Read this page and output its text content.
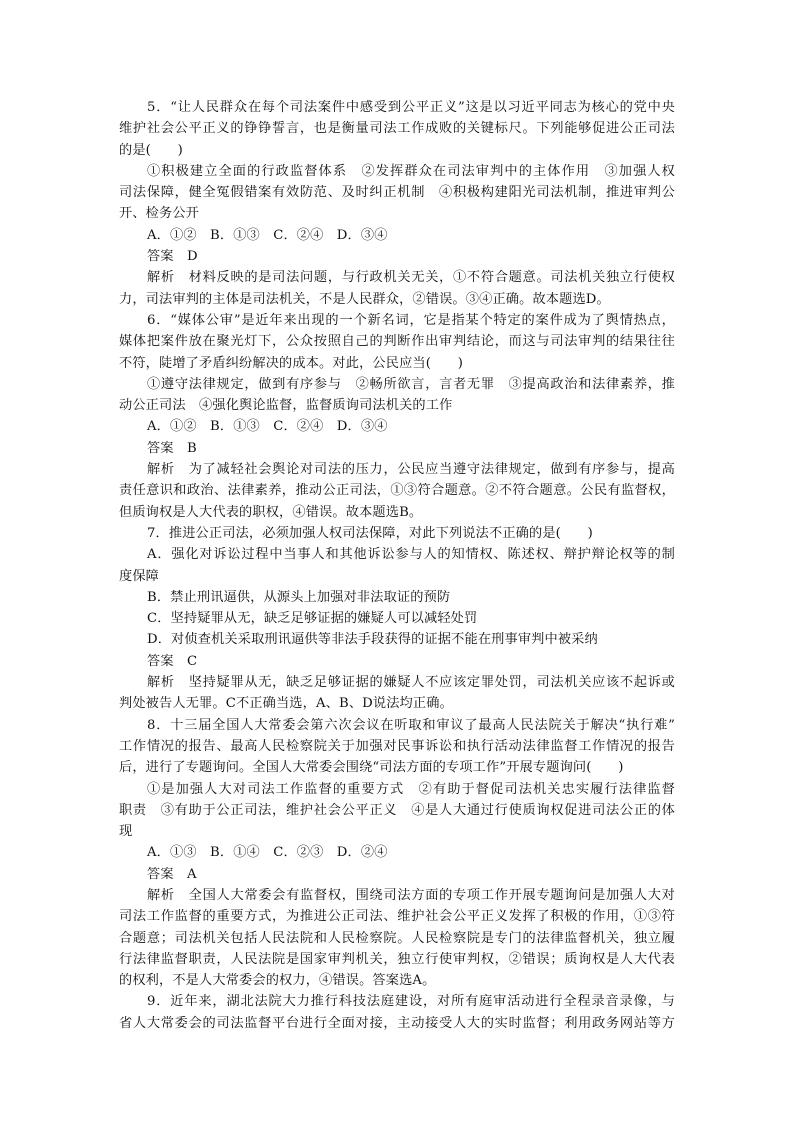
5．“让人民群众在每个司法案件中感受到公平正义”这是以习近平同志为核心的党中央
维护社会公平正义的铮铮誓言，也是衡量司法工作成败的关键标尺。下列能够促进公正司法
的是(　　)
①积极建立全面的行政监督体系　②发挥群众在司法审判中的主体作用　③加强人权
司法保障，健全冤假错案有效防范、及时纠正机制　④积极构建阳光司法机制，推进审判公
开、检务公开
A．①②　B．①③　C．②④　D．③④
答案　D
解析　材料反映的是司法问题，与行政机关无关，①不符合题意。司法机关独立行使权
力，司法审判的主体是司法机关，不是人民群众，②错误。③④正确。故本题选D。
6．“媒体公审”是近年来出现的一个新名词，它是指某个特定的案件成为了舆情热点，
媒体把案件放在聚光灯下，公众按照自己的判断作出审判结论，而这与司法审判的结果往往
不符，陡增了矛盾纠纷解决的成本。对此，公民应当(　　)
①遵守法律规定，做到有序参与　②畅所欲言，言者无罪　③提高政治和法律素养，推
动公正司法　④强化舆论监督，监督质询司法机关的工作
A．①②　B．①③　C．②④　D．③④
答案　B
解析　为了减轻社会舆论对司法的压力，公民应当遵守法律规定，做到有序参与，提高
责任意识和政治、法律素养，推动公正司法，①③符合题意。②不符合题意。公民有监督权，
但质询权是人大代表的职权，④错误。故本题选B。
7．推进公正司法，必须加强人权司法保障，对此下列说法不正确的是(　　)
A．强化对诉讼过程中当事人和其他诉讼参与人的知情权、陈述权、辩护辩论权等的制
度保障
B．禁止刑讯逼供，从源头上加强对非法取证的预防
C．坚持疑罪从无，缺乏足够证据的嫌疑人可以减轻处罚
D．对侦查机关采取刑讯逼供等非法手段获得的证据不能在刑事审判中被采纳
答案　C
解析　坚持疑罪从无，缺乏足够证据的嫌疑人不应该定罪处罚，司法机关应该不起诉或
判处被告人无罪。C不正确当选，A、B、D说法均正确。
8．十三届全国人大常委会第六次会议在听取和审议了最高人民法院关于解决“执行难”
工作情况的报告、最高人民检察院关于加强对民事诉讼和执行活动法律监督工作情况的报告
后，进行了专题询问。全国人大常委会围绕“司法方面的专项工作”开展专题询问(　　)
①是加强人大对司法工作监督的重要方式　②有助于督促司法机关忠实履行法律监督
职责　③有助于公正司法，维护社会公平正义　④是人大通过行使质询权促进司法公正的体
现
A．①③　B．①④　C．②③　D．②④
答案　A
解析　全国人大常委会有监督权，围绕司法方面的专项工作开展专题询问是加强人大对
司法工作监督的重要方式，为推进公正司法、维护社会公平正义发挥了积极的作用，①③符
合题意；司法机关包括人民法院和人民检察院。人民检察院是专门的法律监督机关，独立履
行法律监督职责，人民法院是国家审判机关，独立行使审判权，②错误；质询权是人大代表
的权利，不是人大常委会的权力，④错误。答案选A。
9．近年来，湖北法院大力推行科技法庭建设，对所有庭审活动进行全程录音录像，与
省人大常委会的司法监督平台进行全面对接，主动接受人大的实时监督；利用政务网站等方
